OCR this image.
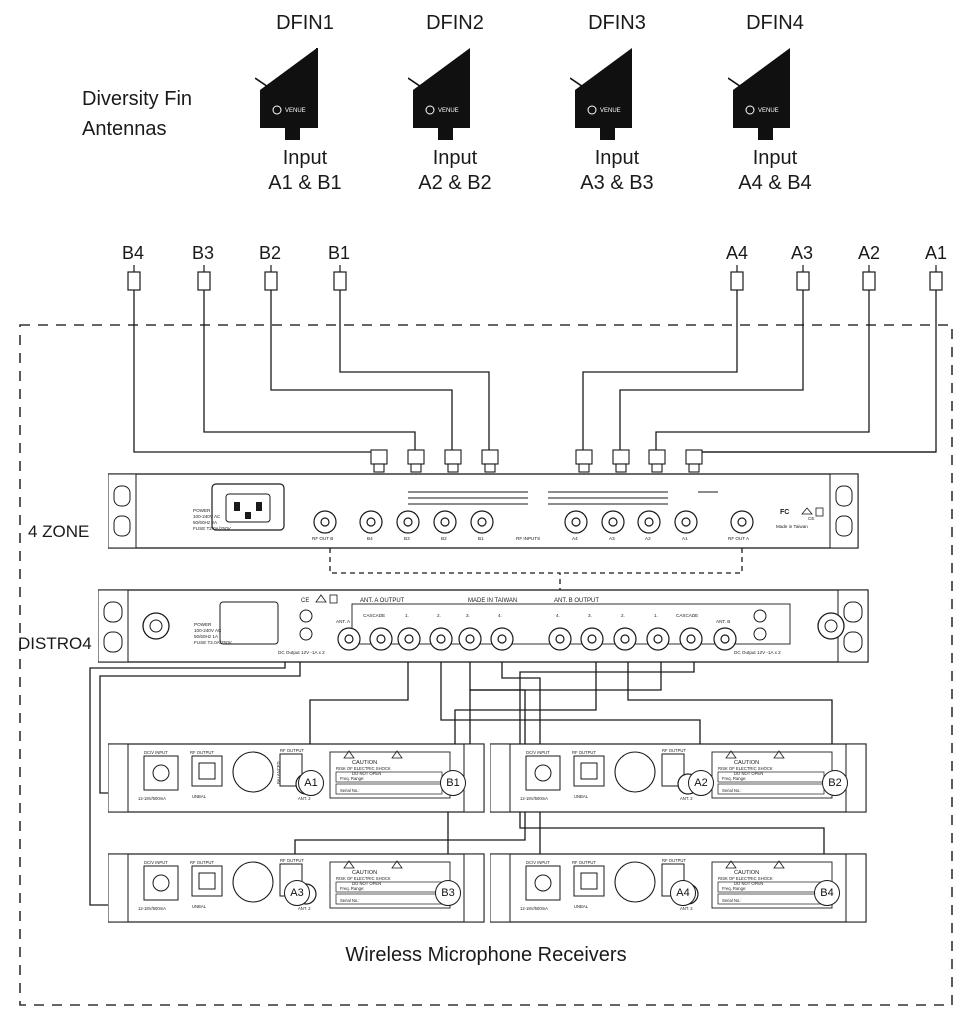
Diversity Fin
Antennas
DFIN1	DFIN2	DFIN3	DFIN4
Input
A1 & B1
Input
A2 & B2
Input
A3 & B3
Input
A4 & B4
VENUE	VENUE	VENUE	VENUE
B4	B3 B2	B1	A4 A3 A2 A1
4 ZONE
POWER
100-240V AC
50/60Hz 2A
FUSE T2.0A/250V
RF OUT B	B4	B3	B2	B1	RF INPUTS	A4	A3	A2	A1	RF OUT A
FC
CE
Made in Taiwan
DISTRO4
POWER
100-240V AC
50/60Hz 1A
FUSE T2.0A/250V
ANT. A
CASCADE	1.	2.	3.	4.	4.	3.	2.	1.	CASCADE
ANT. B
DC Output 12V -1A x 2	DC Output 12V -1A x 2
ANT. A OUTPUT	ANT. B OUTPUT
MADE IN TAIWAN
CE
DC/V INPUT
12-18V/500mA
RF OUTPUT
UNBAL
RF OUTPUT
BALANCED	Freq. Range:
Serial No.:
ANT. 2
CAUTION
RISK OF ELECTRIC SHOCK
DO NOT OPEN
A1	B1
DC/V INPUT
12-18V/500mA
RF OUTPUT
UNBAL
RF OUTPUT
Freq. Range:
Serial No.:
ANT. 2
CAUTION
RISK OF ELECTRIC SHOCK
DO NOT OPEN
A2	B2
DC/V INPUT
12-18V/500mA
RF OUTPUT
UNBAL
RF OUTPUT
Freq. Range:
Serial No.:
ANT. 2
CAUTION
RISK OF ELECTRIC SHOCK
DO NOT OPEN
A3	B3
DC/V INPUT
12-18V/500mA
RF OUTPUT
UNBAL
RF OUTPUT
Freq. Range:
Serial No.:
ANT. 2
CAUTION
RISK OF ELECTRIC SHOCK
DO NOT OPEN
A4	B4
Wireless Microphone Receivers
